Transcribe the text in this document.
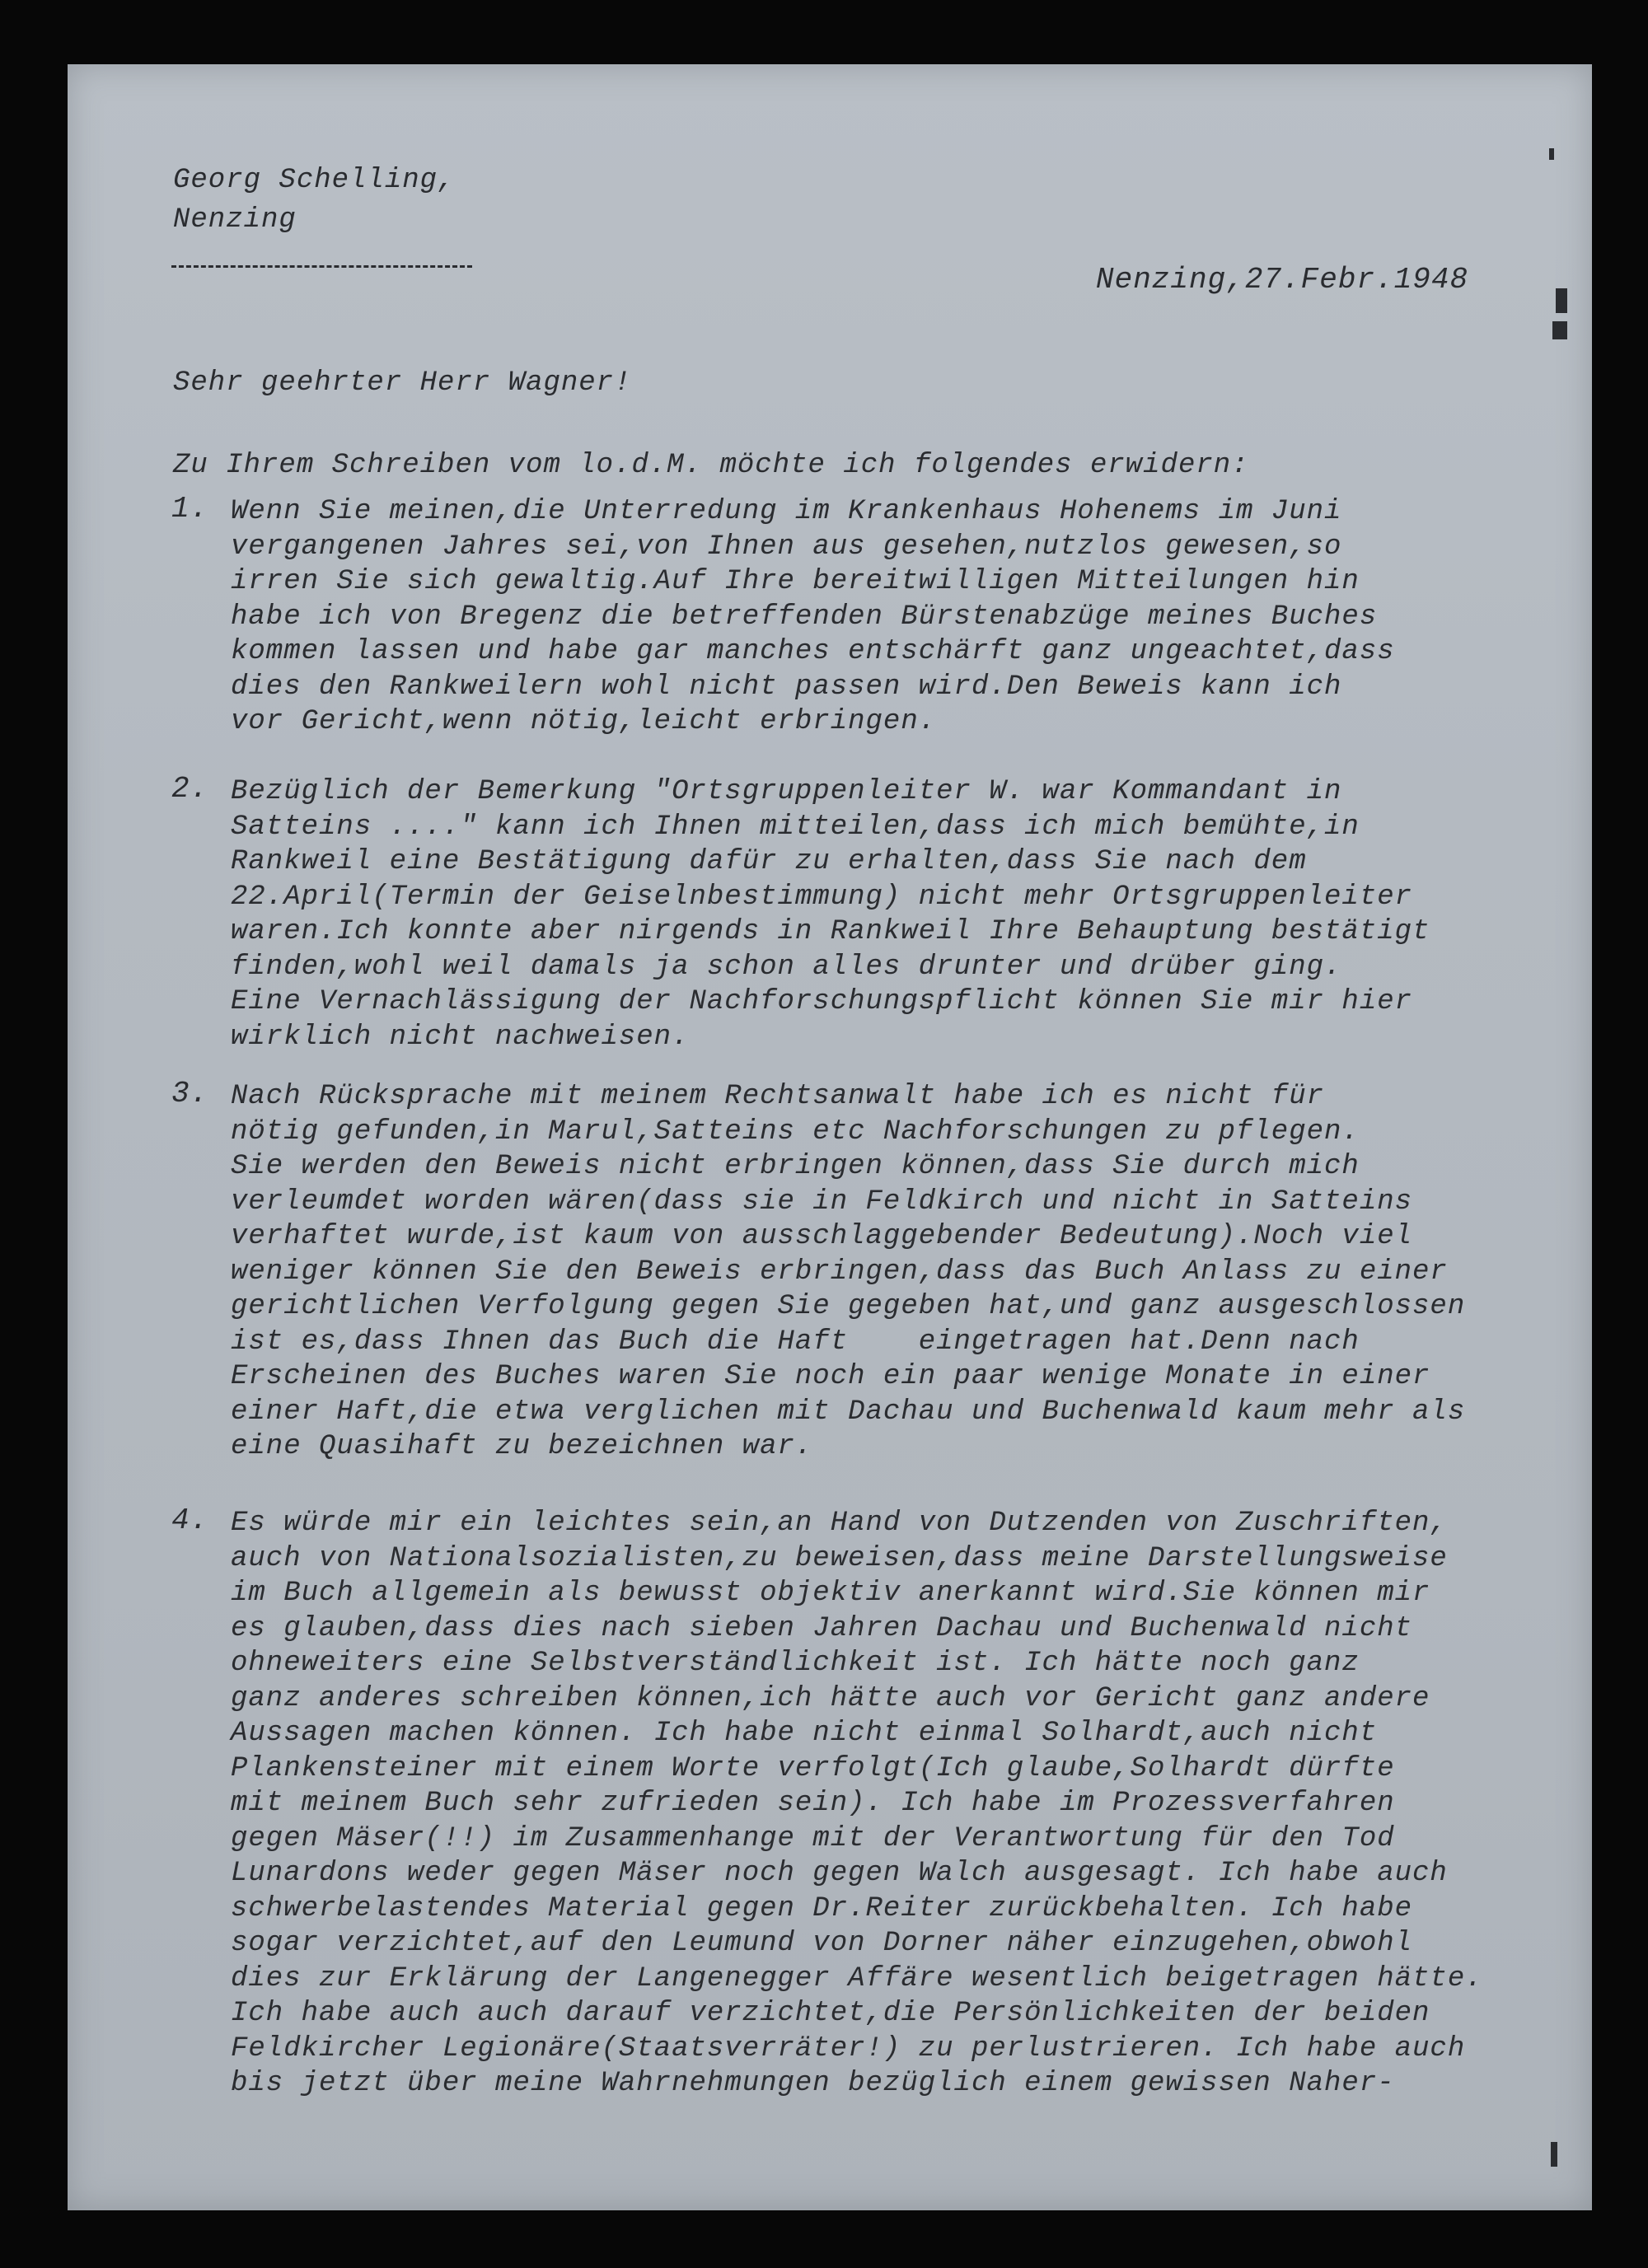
Georg Schelling,
Nenzing
Nenzing,27.Febr.1948
Sehr geehrter Herr Wagner!
Zu Ihrem Schreiben vom lo.d.M. möchte ich folgendes erwidern:
1. Wenn Sie meinen,die Unterredung im Krankenhaus Hohenems im Juni
vergangenen Jahres sei,von Ihnen aus gesehen,nutzlos gewesen,so
irren Sie sich gewaltig.Auf Ihre bereitwilligen Mitteilungen hin
habe ich von Bregenz die betreffenden Bürstenabzüge meines Buches
kommen lassen und habe gar manches entschärft ganz ungeachtet,dass
dies den Rankweilern wohl nicht passen wird.Den Beweis kann ich
vor Gericht,wenn nötig,leicht erbringen.
2. Bezüglich der Bemerkung "Ortsgruppenleiter W. war Kommandant in
Satteins ...." kann ich Ihnen mitteilen,dass ich mich bemühte,in
Rankweil eine Bestätigung dafür zu erhalten,dass Sie nach dem
22.April(Termin der Geiselnbestimmung) nicht mehr Ortsgruppenleiter
waren.Ich konnte aber nirgends in Rankweil Ihre Behauptung bestätigt
finden,wohl weil damals ja schon alles drunter und drüber ging.
Eine Vernachlässigung der Nachforschungspflicht können Sie mir hier
wirklich nicht nachweisen.
3. Nach Rücksprache mit meinem Rechtsanwalt habe ich es nicht für
nötig gefunden,in Marul,Satteins etc Nachforschungen zu pflegen.
Sie werden den Beweis nicht erbringen können,dass Sie durch mich
verleumdet worden wären(dass sie in Feldkirch und nicht in Satteins
verhaftet wurde,ist kaum von ausschlaggebender Bedeutung).Noch viel
weniger können Sie den Beweis erbringen,dass das Buch Anlass zu einer
gerichtlichen Verfolgung gegen Sie gegeben hat,und ganz ausgeschlossen
ist es,dass Ihnen das Buch die Haft    eingetragen hat.Denn nach
Erscheinen des Buches waren Sie noch ein paar wenige Monate in einer
einer Haft,die etwa verglichen mit Dachau und Buchenwald kaum mehr als
eine Quasihaft zu bezeichnen war.
4. Es würde mir ein leichtes sein,an Hand von Dutzenden von Zuschriften,
auch von Nationalsozialisten,zu beweisen,dass meine Darstellungsweise
im Buch allgemein als bewusst objektiv anerkannt wird.Sie können mir
es glauben,dass dies nach sieben Jahren Dachau und Buchenwald nicht
ohneweiters eine Selbstverständlichkeit ist. Ich hätte noch ganz
ganz anderes schreiben können,ich hätte auch vor Gericht ganz andere
Aussagen machen können. Ich habe nicht einmal Solhardt,auch nicht
Plankensteiner mit einem Worte verfolgt(Ich glaube,Solhardt dürfte
mit meinem Buch sehr zufrieden sein). Ich habe im Prozessverfahren
gegen Mäser(!!) im Zusammenhange mit der Verantwortung für den Tod
Lunardons weder gegen Mäser noch gegen Walch ausgesagt. Ich habe auch
schwerbelastendes Material gegen Dr.Reiter zurückbehalten. Ich habe
sogar verzichtet,auf den Leumund von Dorner näher einzugehen,obwohl
dies zur Erklärung der Langenegger Affäre wesentlich beigetragen hätte.
Ich habe auch auch darauf verzichtet,die Persönlichkeiten der beiden
Feldkircher Legionäre(Staatsverräter!) zu perlustrieren. Ich habe auch
bis jetzt über meine Wahrnehmungen bezüglich einem gewissen Naher-
